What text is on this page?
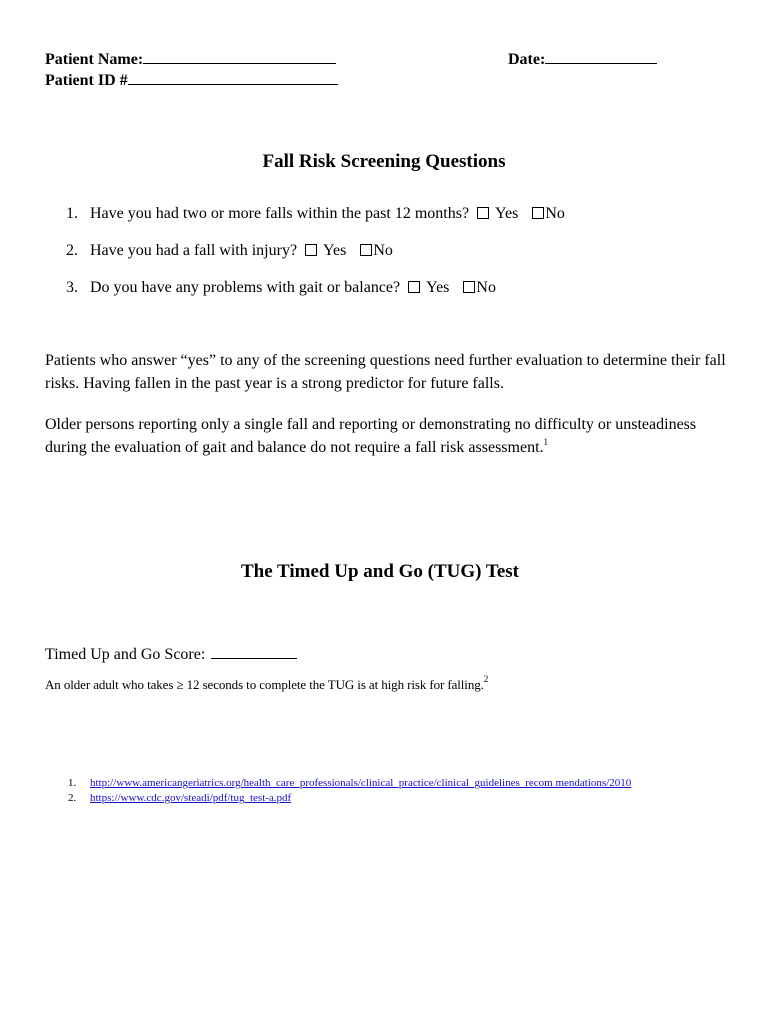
Patient Name:
Patient ID #
Date:
Fall Risk Screening Questions
1. Have you had two or more falls within the past 12 months? Yes No
2. Have you had a fall with injury? Yes No
3. Do you have any problems with gait or balance? Yes No
Patients who answer “yes” to any of the screening questions need further evaluation to determine their fall risks. Having fallen in the past year is a strong predictor for future falls.
Older persons reporting only a single fall and reporting or demonstrating no difficulty or unsteadiness during the evaluation of gait and balance do not require a fall risk assessment.$^1$
The Timed Up and Go (TUG) Test
Timed Up and Go Score:
An older adult who takes ≥ 12 seconds to complete the TUG is at high risk for falling.$^2$
1. http://www.americangeriatrics.org/health_care_professionals/clinical_practice/clinical_guidelines_recom mendations/2010
2. https://www.cdc.gov/steadi/pdf/tug_test-a.pdf
